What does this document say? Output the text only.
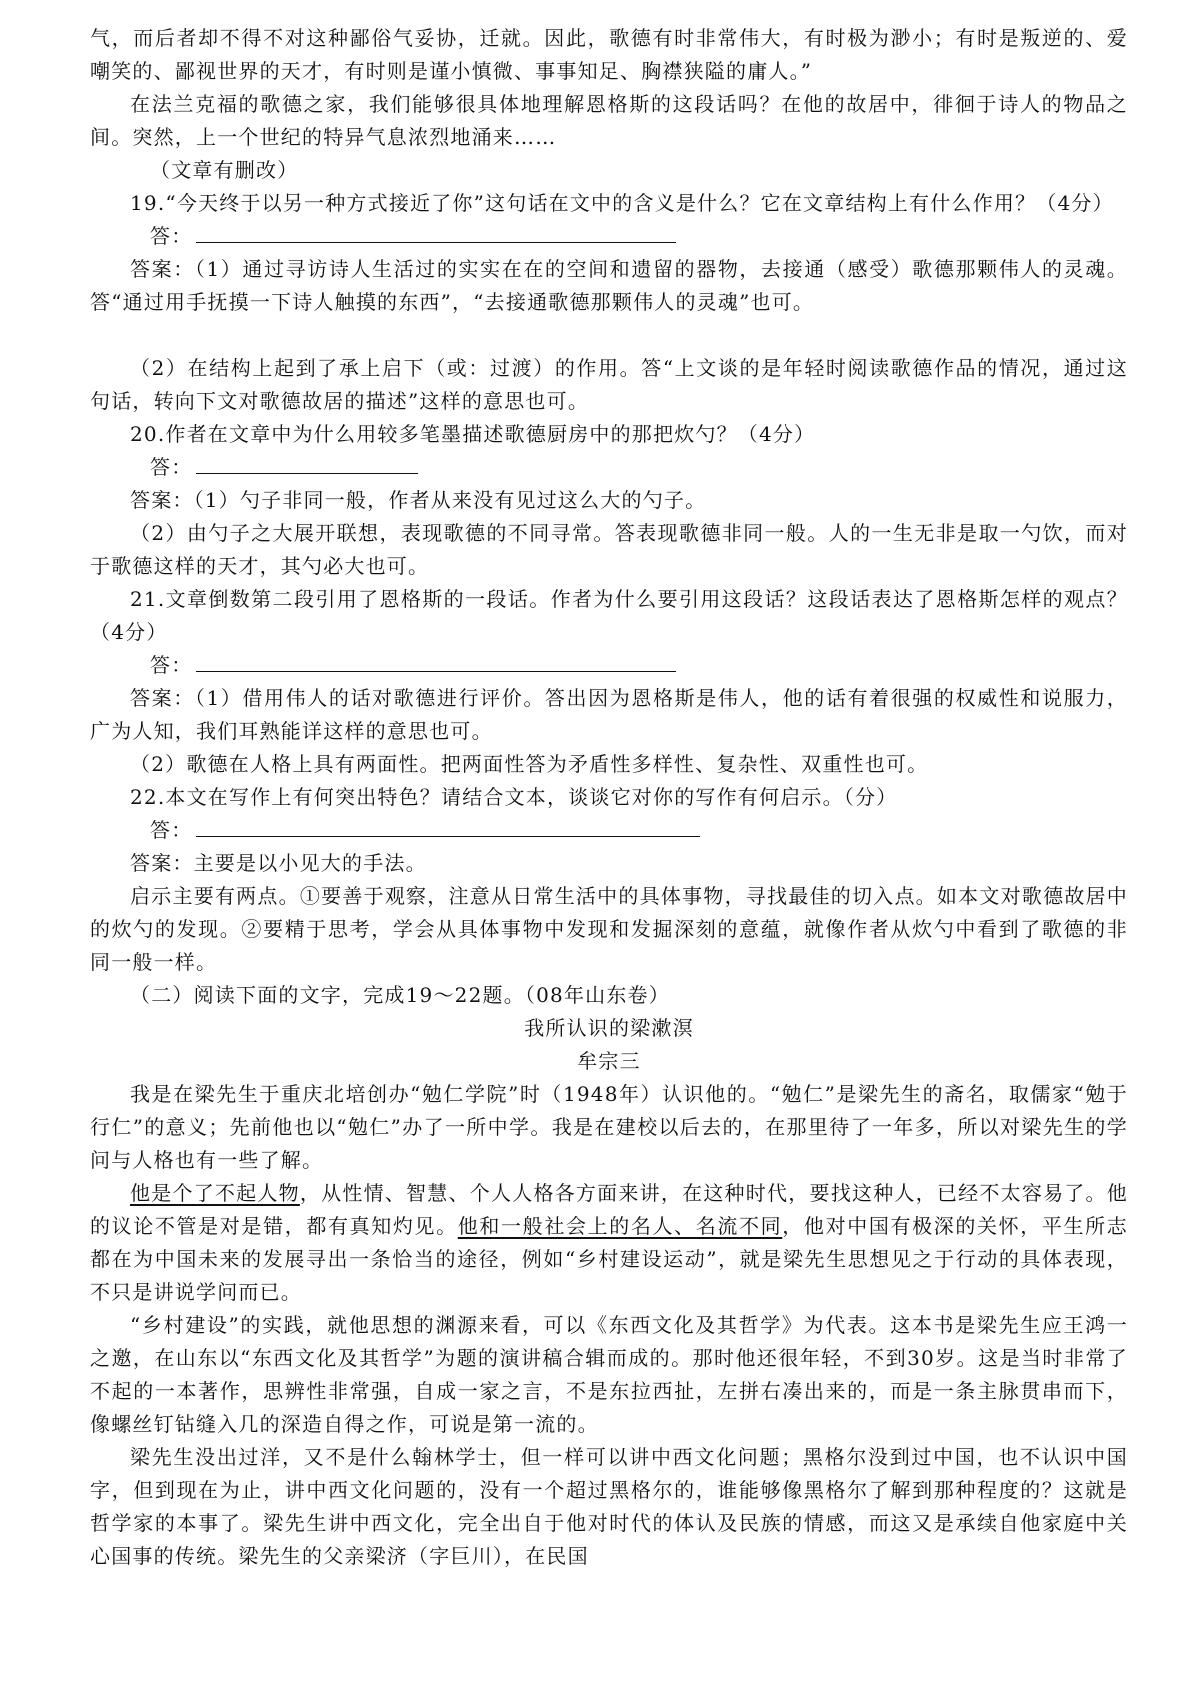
气，而后者却不得不对这种鄙俗气妥协，迁就。因此，歌德有时非常伟大，有时极为渺小；有时是叛逆的、爱嘲笑的、鄙视世界的天才，有时则是谨小慎微、事事知足、胸襟狭隘的庸人。”

在法兰克福的歌德之家，我们能够很具体地理解恩格斯的这段话吗？在他的故居中，徘徊于诗人的物品之间。突然，上一个世纪的特异气息浓烈地涌来……

（文章有删改）

19.“今天终于以另一种方式接近了你”这句话在文中的含义是什么？它在文章结构上有什么作用？（4分）

答：

答案：（1）通过寻访诗人生活过的实实在在的空间和遗留的器物，去接通（感受）歌德那颗伟人的灵魂。答“通过用手抚摸一下诗人触摸的东西”，“去接通歌德那颗伟人的灵魂”也可。

（2）在结构上起到了承上启下（或：过渡）的作用。答“上文谈的是年轻时阅读歌德作品的情况，通过这句话，转向下文对歌德故居的描述”这样的意思也可。

20.作者在文章中为什么用较多笔墨描述歌德厨房中的那把炊勺？（4分）

答：

答案：（1）勺子非同一般，作者从来没有见过这么大的勺子。

（2）由勺子之大展开联想，表现歌德的不同寻常。答表现歌德非同一般。人的一生无非是取一勺饮，而对于歌德这样的天才，其勺必大也可。

21.文章倒数第二段引用了恩格斯的一段话。作者为什么要引用这段话？这段话表达了恩格斯怎样的观点？（4分）

答：

答案：（1）借用伟人的话对歌德进行评价。答出因为恩格斯是伟人，他的话有着很强的权威性和说服力，广为人知，我们耳熟能详这样的意思也可。

（2）歌德在人格上具有两面性。把两面性答为矛盾性多样性、复杂性、双重性也可。

22.本文在写作上有何突出特色？请结合文本，谈谈它对你的写作有何启示。（分）

答：

答案：主要是以小见大的手法。

启示主要有两点。①要善于观察，注意从日常生活中的具体事物，寻找最佳的切入点。如本文对歌德故居中的炊勺的发现。②要精于思考，学会从具体事物中发现和发掘深刻的意蕴，就像作者从炊勺中看到了歌德的非同一般一样。

（二）阅读下面的文字，完成19～22题。（08年山东卷）

我所认识的梁漱溟

牟宗三

我是在梁先生于重庆北培创办“勉仁学院”时（1948年）认识他的。“勉仁”是梁先生的斋名，取儒家“勉于行仁”的意义；先前他也以“勉仁”办了一所中学。我是在建校以后去的，在那里待了一年多，所以对梁先生的学问与人格也有一些了解。

他是个了不起人物，从性情、智慧、个人人格各方面来讲，在这种时代，要找这种人，已经不太容易了。他的议论不管是对是错，都有真知灼见。他和一般社会上的名人、名流不同，他对中国有极深的关怀，平生所志都在为中国未来的发展寻出一条恰当的途径，例如“乡村建设运动”，就是梁先生思想见之于行动的具体表现，不只是讲说学问而已。

“乡村建设”的实践，就他思想的渊源来看，可以《东西文化及其哲学》为代表。这本书是梁先生应王鸿一之邀，在山东以“东西文化及其哲学”为题的演讲稿合辑而成的。那时他还很年轻，不到30岁。这是当时非常了不起的一本著作，思辨性非常强，自成一家之言，不是东拉西扯，左拼右凑出来的，而是一条主脉贯串而下，像螺丝钉钻缝入几的深造自得之作，可说是第一流的。

梁先生没出过洋，又不是什么翰林学士，但一样可以讲中西文化问题；黑格尔没到过中国，也不认识中国字，但到现在为止，讲中西文化问题的，没有一个超过黑格尔的，谁能够像黑格尔了解到那种程度的？这就是哲学家的本事了。梁先生讲中西文化，完全出自于他对时代的体认及民族的情感，而这又是承续自他家庭中关心国事的传统。梁先生的父亲梁济（字巨川），在民国
